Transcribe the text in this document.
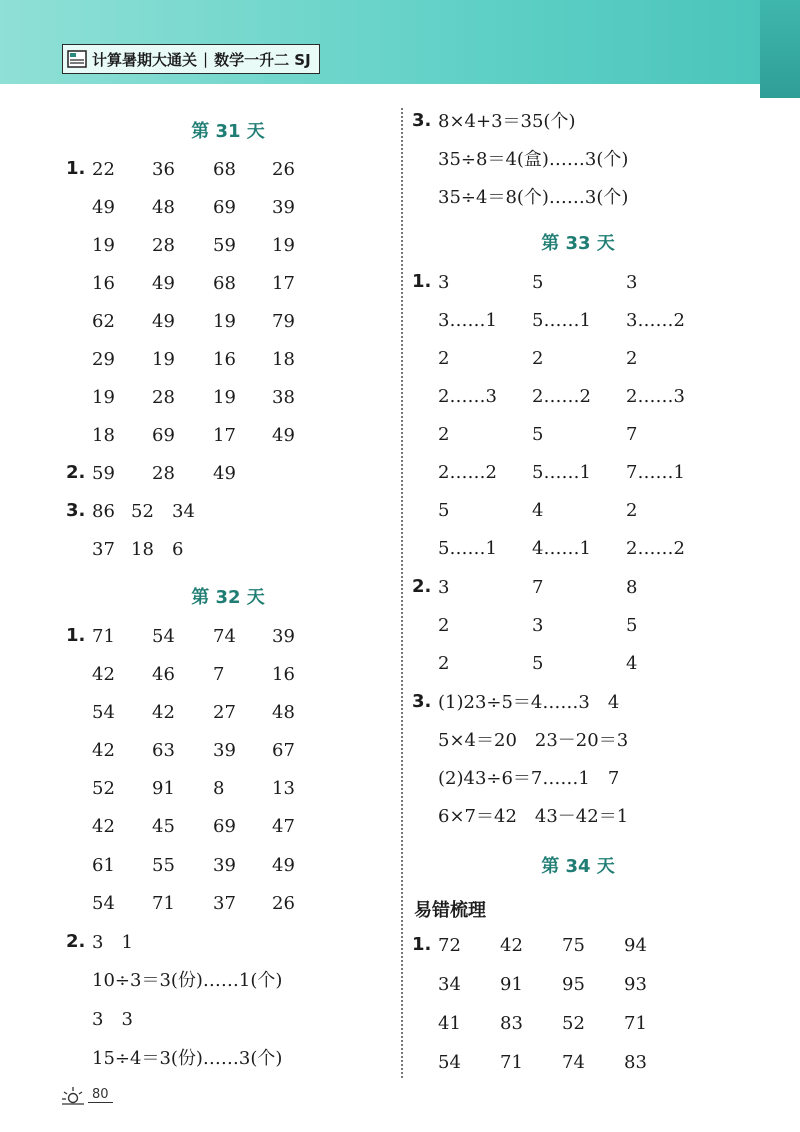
计算暑期大通关 | 数学一升二 SJ
第 31 天
1. 22 36 68 26
49 48 69 39
19 28 59 19
16 49 68 17
62 49 19 79
29 19 16 18
19 28 19 38
18 69 17 49
2. 59 28 49
3. 86 52 34
37 18 6
第 32 天
1. 71 54 74 39
42 46 7	16
54 42 27 48
42 63 39 67
52 91 8	13
42 45 69 47
61 55 39 49
54 71 37 26
2. 3　1
10÷3＝3(份)……1(个)
3　3
15÷4＝3(份)……3(个)
3. 8×4+3＝35(个)
35÷8＝4(盒)……3(个)
35÷4＝8(个)……3(个)
第 33 天
1. 3	5	3
3……1 5……1 3……2
2	2	2
2……3 2……2 2……3
2	5	7
2……2 5……1 7……1
5	4	2
5……1 4……1 2……2
2. 3	7	8
2	3	5
2	5	4
3. (1)23÷5＝4……3　4
5×4＝20　23－20＝3
(2)43÷6＝7……1　7
6×7＝42　43－42＝1
第 34 天
易错梳理
1. 72 42 75 94
34 91 95 93
41 83 52 71
54 71 74 83
80
